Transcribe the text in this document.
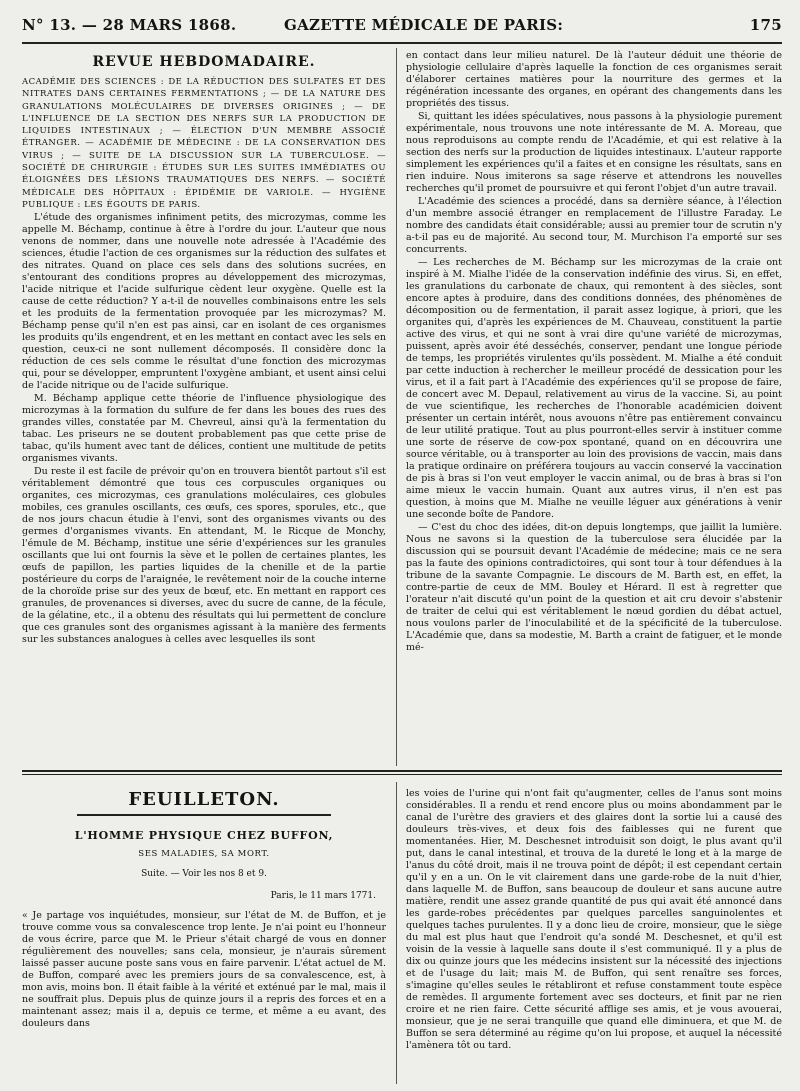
N° 13. — 28 MARS 1868.	GAZETTE MÉDICALE DE PARIS:	175
REVUE HEBDOMADAIRE.

ACADÉMIE DES SCIENCES : DE LA RÉDUCTION DES SULFATES ET DES NITRATES DANS CERTAINES FERMENTATIONS ; — DE LA NATURE DES GRANULATIONS MOLÉCULAIRES DE DIVERSES ORIGINES ; — DE L'INFLUENCE DE LA SECTION DES NERFS SUR LA PRODUCTION DE LIQUIDES INTESTINAUX ; — ÉLECTION D'UN MEMBRE ASSOCIÉ ÉTRANGER. — ACADÉMIE DE MÉDECINE : DE LA CONSERVATION DES VIRUS ; — SUITE DE LA DISCUSSION SUR LA TUBERCULOSE. — SOCIÉTÉ DE CHIRURGIE : ÉTUDES SUR LES SUITES IMMÉDIATES OU ÉLOIGNÉES DES LÉSIONS TRAUMATIQUES DES NERFS. — SOCIÉTÉ MÉDICALE DES HÔPITAUX : ÉPIDÉMIE DE VARIOLE. — HYGIÈNE PUBLIQUE : LES ÉGOUTS DE PARIS.

L'étude des organismes infiniment petits, des microzymas, comme les appelle M. Béchamp, continue à être à l'ordre du jour. L'auteur que nous venons de nommer, dans une nouvelle note adressée à l'Académie des sciences, étudie l'action de ces organismes sur la réduction des sulfates et des nitrates. Quand on place ces sels dans des solutions sucrées, en s'entourant des conditions propres au développement des microzymas, l'acide nitrique et l'acide sulfurique cèdent leur oxygène. Quelle est la cause de cette réduction? Y a-t-il de nouvelles combinaisons entre les sels et les produits de la fermentation provoquée par les microzymas? M. Béchamp pense qu'il n'en est pas ainsi, car en isolant de ces organismes les produits qu'ils engendrent, et en les mettant en contact avec les sels en question, ceux-ci ne sont nullement décomposés. Il considère donc la réduction de ces sels comme le résultat d'une fonction des microzymas qui, pour se développer, empruntent l'oxygène ambiant, et usent ainsi celui de l'acide nitrique ou de l'acide sulfurique.

M. Béchamp applique cette théorie de l'influence physiologique des microzymas à la formation du sulfure de fer dans les boues des rues des grandes villes, constatée par M. Chevreul, ainsi qu'à la fermentation du tabac. Les priseurs ne se doutent probablement pas que cette prise de tabac, qu'ils hument avec tant de délices, contient une multitude de petits organismes vivants.

Du reste il est facile de prévoir qu'on en trouvera bientôt partout s'il est véritablement démontré que tous ces corpuscules organiques ou organites, ces microzymas, ces granulations moléculaires, ces globules mobiles, ces granules oscillants, ces œufs, ces spores, sporules, etc., que de nos jours chacun étudie à l'envi, sont des organismes vivants ou des germes d'organismes vivants. En attendant, M. le Ricque de Monchy, l'émule de M. Béchamp, institue une série d'expériences sur les granules oscillants que lui ont fournis la sève et le pollen de certaines plantes, les œufs de papillon, les parties liquides de la chenille et de la partie postérieure du corps de l'araignée, le revêtement noir de la couche interne de la choroïde prise sur des yeux de bœuf, etc. En mettant en rapport ces granules, de provenances si diverses, avec du sucre de canne, de la fécule, de la gélatine, etc., il a obtenu des résultats qui lui permettent de conclure que ces granules sont des organismes agissant à la manière des ferments sur les substances analogues à celles avec lesquelles ils sont

en contact dans leur milieu naturel. De là l'auteur déduit une théorie de physiologie cellulaire d'après laquelle la fonction de ces organismes serait d'élaborer certaines matières pour la nourriture des germes et la régénération incessante des organes, en opérant des changements dans les propriétés des tissus.

Si, quittant les idées spéculatives, nous passons à la physiologie purement expérimentale, nous trouvons une note intéressante de M. A. Moreau, que nous reproduisons au compte rendu de l'Académie, et qui est relative à la section des nerfs sur la production de liquides intestinaux. L'auteur rapporte simplement les expériences qu'il a faites et en consigne les résultats, sans en rien induire. Nous imiterons sa sage réserve et attendrons les nouvelles recherches qu'il promet de poursuivre et qui feront l'objet d'un autre travail.

L'Académie des sciences a procédé, dans sa dernière séance, à l'élection d'un membre associé étranger en remplacement de l'illustre Faraday. Le nombre des candidats était considérable; aussi au premier tour de scrutin n'y a-t-il pas eu de majorité. Au second tour, M. Murchison l'a emporté sur ses concurrents.

— Les recherches de M. Béchamp sur les microzymas de la craie ont inspiré à M. Mialhe l'idée de la conservation indéfinie des virus. Si, en effet, les granulations du carbonate de chaux, qui remontent à des siècles, sont encore aptes à produire, dans des conditions données, des phénomènes de décomposition ou de fermentation, il parait assez logique, à priori, que les organites qui, d'après les expériences de M. Chauveau, constituent la partie active des virus, et qui ne sont à vrai dire qu'une variété de microzymas, puissent, après avoir été desséchés, conserver, pendant une longue période de temps, les propriétés virulentes qu'ils possèdent. M. Mialhe a été conduit par cette induction à rechercher le meilleur procédé de dessication pour les virus, et il a fait part à l'Académie des expériences qu'il se propose de faire, de concert avec M. Depaul, relativement au virus de la vaccine. Si, au point de vue scientifique, les recherches de l'honorable académicien doivent présenter un certain intérêt, nous avouons n'être pas entièrement convaincu de leur utilité pratique. Tout au plus pourront-elles servir à instituer comme une sorte de réserve de cow-pox spontané, quand on en découvrira une source véritable, ou à transporter au loin des provisions de vaccin, mais dans la pratique ordinaire on préférera toujours au vaccin conservé la vaccination de pis à bras si l'on veut employer le vaccin animal, ou de bras à bras si l'on aime mieux le vaccin humain. Quant aux autres virus, il n'en est pas question, à moins que M. Mialhe ne veuille léguer aux générations à venir une seconde boîte de Pandore.

— C'est du choc des idées, dit-on depuis longtemps, que jaillit la lumière. Nous ne savons si la question de la tuberculose sera élucidée par la discussion qui se poursuit devant l'Académie de médecine; mais ce ne sera pas la faute des opinions contradictoires, qui sont tour à tour défendues à la tribune de la savante Compagnie. Le discours de M. Barth est, en effet, la contre-partie de ceux de MM. Bouley et Hérard. Il est à regretter que l'orateur n'ait discuté qu'un point de la question et ait cru devoir s'abstenir de traiter de celui qui est véritablement le nœud gordien du débat actuel, nous voulons parler de l'inoculabilité et de la spécificité de la tuberculose. L'Académie que, dans sa modestie, M. Barth a craint de fatiguer, et le monde mé-

FEUILLETON.
L'HOMME PHYSIQUE CHEZ BUFFON,
SES MALADIES, SA MORT.
Suite. — Voir les nos 8 et 9.
Paris, le 11 mars 1771.

« Je partage vos inquiétudes, monsieur, sur l'état de M. de Buffon, et je trouve comme vous sa convalescence trop lente. Je n'ai point eu l'honneur de vous écrire, parce que M. le Prieur s'était chargé de vous en donner régulièrement des nouvelles; sans cela, monsieur, je n'aurais sûrement laissé passer aucune poste sans vous en faire parvenir. L'état actuel de M. de Buffon, comparé avec les premiers jours de sa convalescence, est, à mon avis, moins bon. Il était faible à la vérité et exténué par le mal, mais il ne souffrait plus. Depuis plus de quinze jours il a repris des forces et en a maintenant assez; mais il a, depuis ce terme, et même a eu avant, des douleurs dans

les voies de l'urine qui n'ont fait qu'augmenter, celles de l'anus sont moins considérables. Il a rendu et rend encore plus ou moins abondamment par le canal de l'urètre des graviers et des glaires dont la sortie lui a causé des douleurs très-vives, et deux fois des faiblesses qui ne furent que momentanées. Hier, M. Deschesnet introduisit son doigt, le plus avant qu'il put, dans le canal intestinal, et trouva de la dureté le long et à la marge de l'anus du côté droit, mais il ne trouva point de dépôt; il est cependant certain qu'il y en a un. On le vit clairement dans une garde-robe de la nuit d'hier, dans laquelle M. de Buffon, sans beaucoup de douleur et sans aucune autre matière, rendit une assez grande quantité de pus qui avait été annoncé dans les garde-robes précédentes par quelques parcelles sanguinolentes et quelques taches purulentes. Il y a donc lieu de croire, monsieur, que le siège du mal est plus haut que l'endroit qu'a sondé M. Deschesnet, et qu'il est voisin de la vessie à laquelle sans doute il s'est communiqué. Il y a plus de dix ou quinze jours que les médecins insistent sur la nécessité des injections et de l'usage du lait; mais M. de Buffon, qui sent renaître ses forces, s'imagine qu'elles seules le rétabliront et refuse constamment toute espèce de remèdes. Il argumente fortement avec ses docteurs, et finit par ne rien croire et ne rien faire. Cette sécurité afflige ses amis, et je vous avouerai, monsieur, que je ne serai tranquille que quand elle diminuera, et que M. de Buffon se sera déterminé au régime qu'on lui propose, et auquel la nécessité l'amènera tôt ou tard.
